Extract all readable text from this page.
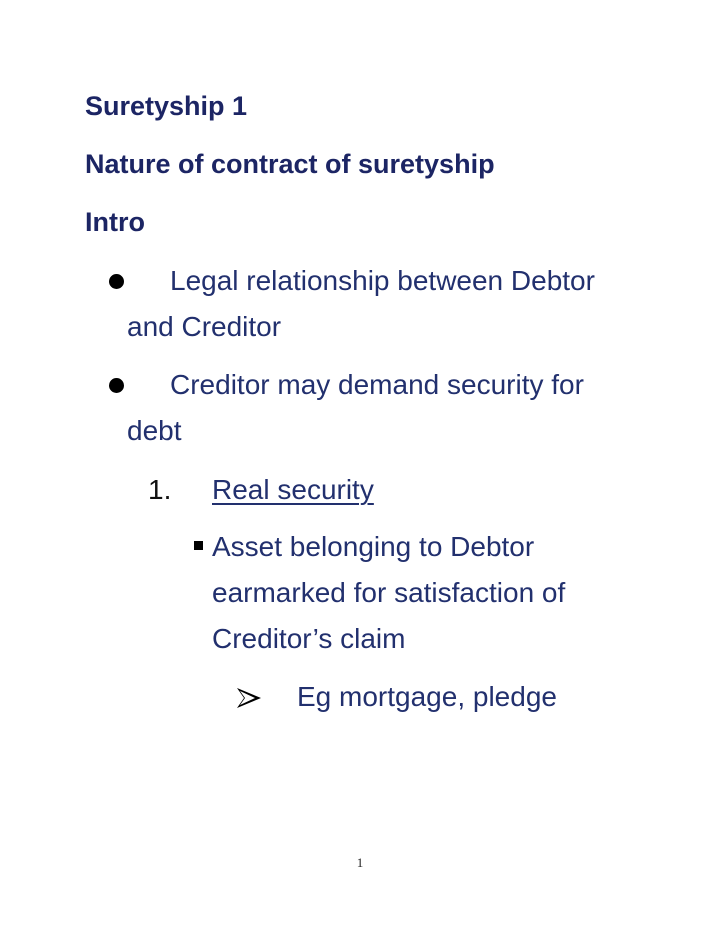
Suretyship 1
Nature of contract of suretyship
Intro
Legal relationship between Debtor
and Creditor
Creditor may demand security for
debt
1. Real security
Asset belonging to Debtor
earmarked for satisfaction of
Creditor’s claim
Eg mortgage, pledge
1
